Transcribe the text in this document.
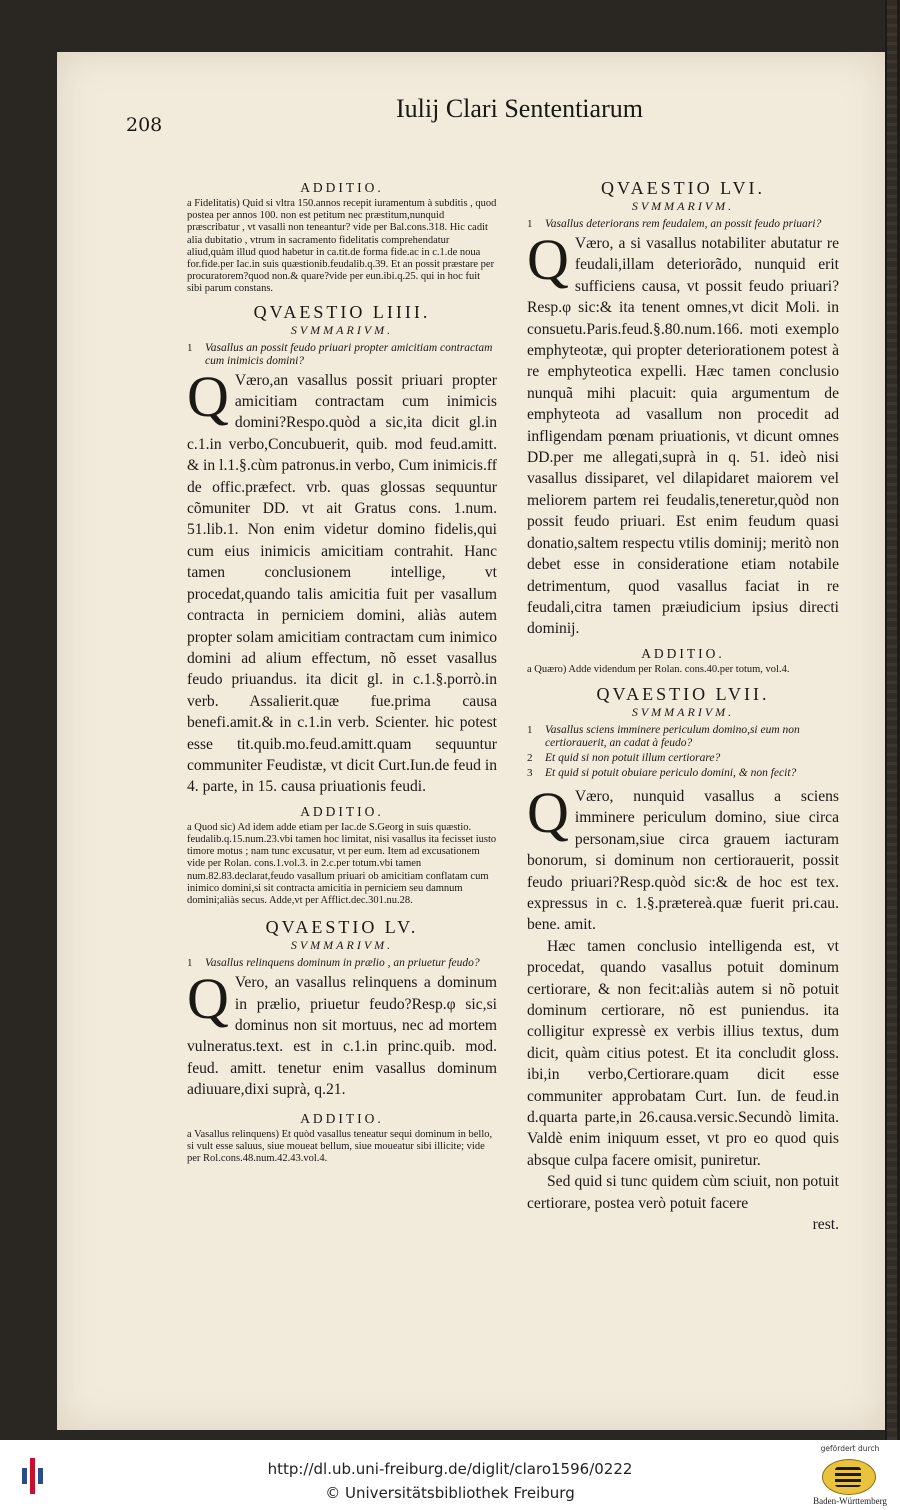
208
Iulij Clari Sententiarum
ADDITIO.

a Fidelitatis) Quid si vltra 150.annos recepit iuramentum à subditis , quod postea per annos 100. non est petitum nec præstitum,nunquid præscribatur , vt vasalli non teneantur? vide per Bal.cons.318. Hic cadit alia dubitatio , vtrum in sacramento fidelitatis comprehendatur aliud,quàm illud quod habetur in ca.tit.de forma fide.ac in c.1.de noua for.fide.per Iac.in suis quæstionib.feudalib.q.39. Et an possit præstare per procuratorem?quod non.& quare?vide per eun.ibi.q.25. qui in hoc fuit sibi parum constans.

QVAESTIO LIIII.
SVMMARIVM.
1 Vasallus an possit feudo priuari propter amicitiam contractam cum inimicis domini?

Q Væro,an vasallus possit priuari propter amicitiam contractam cum inimicis domini?Respo.quòd a sic,ita dicit gl.in c.1.in verbo,Concubuerit, quib. mod feud.amitt. & in l.1.§.cùm patronus.in verbo, Cum inimicis.ff de offic.præfect. vrb. quas glossas sequuntur cõmuniter DD. vt ait Gratus cons. 1.num. 51.lib.1. Non enim videtur domino fidelis,qui cum eius inimicis amicitiam contrahit. Hanc tamen conclusionem intellige, vt procedat,quando talis amicitia fuit per vasallum contracta in perniciem domini, aliàs autem propter solam amicitiam contractam cum inimico domini ad alium effectum, nõ esset vasallus feudo priuandus. ita dicit gl. in c.1.§.porrò.in verb. Assalierit.quæ fue.prima causa benefi.amit.& in c.1.in verb. Scienter. hic potest esse tit.quib.mo.feud.amitt.quam sequuntur communiter Feudistæ, vt dicit Curt.Iun.de feud in 4. parte, in 15. causa priuationis feudi.

ADDITIO.

a Quod sic) Ad idem adde etiam per Iac.de S.Georg in suis quæstio. feudalib.q.15.num.23.vbi tamen hoc limitat, nisi vasallus ita fecisset iusto timore motus ; nam tunc excusatur, vt per eum. Item ad excusationem vide per Rolan. cons.1.vol.3. in 2.c.per totum.vbi tamen num.82.83.declarat,feudo vasallum priuari ob amicitiam conflatam cum inimico domini,si sit contracta amicitia in perniciem seu damnum domini;aliàs secus. Adde,vt per Afflict.dec.301.nu.28.

QVAESTIO LV.
SVMMARIVM.
1 Vasallus relinquens dominum in prælio , an priuetur feudo?

Q Vero, an vasallus relinquens a dominum in prælio, priuetur feudo?Resp.φ sic,si dominus non sit mortuus, nec ad mortem vulneratus.text. est in c.1.in princ.quib. mod. feud. amitt. tenetur enim vasallus dominum adiuuare,dixi suprà, q.21.

ADDITIO.

a Vasallus relinquens) Et quòd vasallus teneatur sequi dominum in bello, si vult esse saluus, siue moueat bellum, siue moueatur sibi illicite; vide per Rol.cons.48.num.42.43.vol.4.

QVAESTIO LVI.
SVMMARIVM.
1 Vasallus deteriorans rem feudalem, an possit feudo priuari?

Q Væro, a si vasallus notabiliter abutatur re feudali,illam deteriorãdo, nunquid erit sufficiens causa, vt possit feudo priuari? Resp.φ sic:& ita tenent omnes,vt dicit Moli. in consuetu.Paris.feud.§.80.num.166. moti exemplo emphyteotæ, qui propter deteriorationem potest à re emphyteotica expelli. Hæc tamen conclusio nunquã mihi placuit: quia argumentum de emphyteota ad vasallum non procedit ad infligendam pœnam priuationis, vt dicunt omnes DD.per me allegati,suprà in q. 51. ideò nisi vasallus dissiparet, vel dilapidaret maiorem vel meliorem partem rei feudalis,teneretur,quòd non possit feudo priuari. Est enim feudum quasi donatio,saltem respectu vtilis dominij; meritò non debet esse in consideratione etiam notabile detrimentum, quod vasallus faciat in re feudali,citra tamen præiudicium ipsius directi dominij.

ADDITIO.

a Quæro) Adde videndum per Rolan. cons.40.per totum, vol.4.

QVAESTIO LVII.
SVMMARIVM.
1 Vasallus sciens imminere periculum domino,si eum non certiorauerit, an cadat à feudo?
2 Et quid si non potuit illum certiorare?
3 Et quid si potuit obuiare periculo domini, & non fecit?

Q Væro, nunquid vasallus a sciens imminere periculum domino, siue circa personam,siue circa grauem iacturam bonorum, si dominum non certiorauerit, possit feudo priuari?Resp.quòd sic:& de hoc est tex. expressus in c. 1.§.prætereà.quæ fuerit pri.cau. bene. amit.

Hæc tamen conclusio intelligenda est, vt procedat, quando vasallus potuit dominum certiorare, & non fecit:aliàs autem si nõ potuit dominum certiorare, nõ est puniendus. ita colligitur expressè ex verbis illius textus, dum dicit, quàm citius potest. Et ita concludit gloss. ibi,in verbo,Certiorare.quam dicit esse communiter approbatam Curt. Iun. de feud.in d.quarta parte,in 26.causa.versic.Secundò limita. Valdè enim iniquum esset, vt pro eo quod quis absque culpa facere omisit, puniretur.

Sed quid si tunc quidem cùm sciuit, non potuit certiorare, postea verò potuit facere

rest.

http://dl.ub.uni-freiburg.de/diglit/claro1596/0222
© Universitätsbibliothek Freiburg
gefördert durch
Baden-Württemberg
